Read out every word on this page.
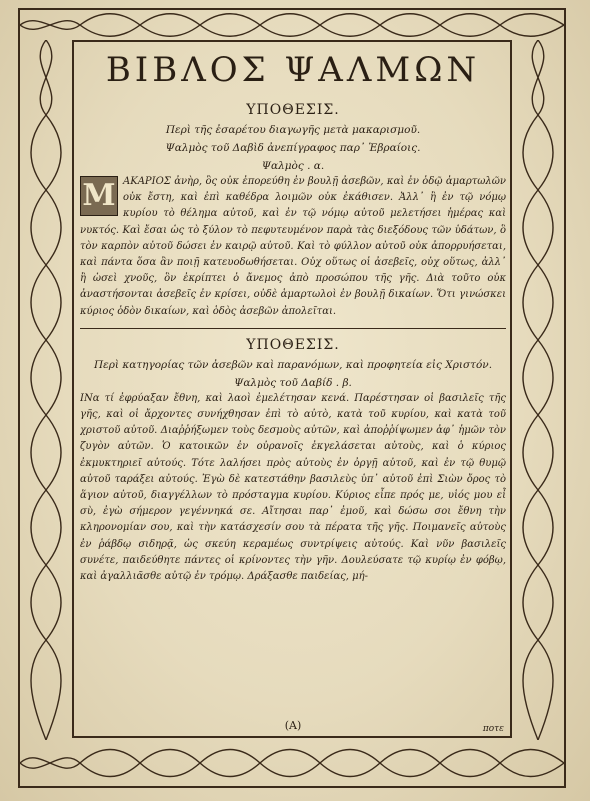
ΒΙΒΛΟΣ ΨΑΛΜΩΝ
ΥΠΟΘΕΣΙΣ.
Περὶ τῆς ἐσαρέτου διαγωγῆς μετὰ μακαρισμοῦ.
Ψαλμὸς τοῦ Δαβὶδ ἀνεπίγραφος παρ᾽ Ἑβραίοις.
Ψαλμὸς . α.
Μ ΑΚΑΡΙΟΣ ἀνὴρ, ὃς οὐκ ἐπορεύθη ἐν βουλῇ ἀσεβῶν, καὶ ἐν ὁδῷ ἁμαρτωλῶν οὐκ ἔστη, καὶ ἐπὶ καθέδρα λοιμῶν οὐκ ἐκάθισεν. Ἀλλ᾽ ἢ ἐν τῷ νόμῳ κυρίου τὸ θέλημα αὐτοῦ, καὶ ἐν τῷ νόμῳ αὐτοῦ μελετήσει ἡμέρας καὶ νυκτός. Καὶ ἔσαι ὡς τὸ ξύλον τὸ πεφυτευμένον παρὰ τὰς διεξόδους τῶν ὑδάτων, ὃ τὸν καρπὸν αὐτοῦ δώσει ἐν καιρῷ αὐτοῦ. Καὶ τὸ φύλλον αὐτοῦ οὐκ ἀπορρυήσεται, καὶ πάντα ὅσα ἂν ποιῇ κατευοδωθήσεται. Οὐχ οὕτως οἱ ἀσεβεῖς, οὐχ οὕτως, ἀλλ᾽ ἢ ὡσεὶ χνοῦς, ὃν ἐκρίπτει ὁ ἄνεμος ἀπὸ προσώπου τῆς γῆς. Διὰ τοῦτο οὐκ ἀναστήσονται ἀσεβεῖς ἐν κρίσει, οὐδὲ ἁμαρτωλοὶ ἐν βουλῇ δικαίων. Ὅτι γινώσκει κύριος ὁδὸν δικαίων, καὶ ὁδὸς ἀσεβῶν ἀπολεῖται.
ΥΠΟΘΕΣΙΣ.
Περὶ κατηγορίας τῶν ἀσεβῶν καὶ παρανόμων, καὶ προφητεία εἰς Χριστόν.
Ψαλμὸς τοῦ Δαβίδ . β.
ΙΝα τί ἐφρύαξαν ἔθνη, καὶ λαοὶ ἐμελέτησαν κενά. Παρέστησαν οἱ βασιλεῖς τῆς γῆς, καὶ οἱ ἄρχοντες συνήχθησαν ἐπὶ τὸ αὐτὸ, κατὰ τοῦ κυρίου, καὶ κατὰ τοῦ χριστοῦ αὐτοῦ. Διαῤῥήξωμεν τοὺς δεσμοὺς αὐτῶν, καὶ ἀποῤῥίψωμεν ἀφ᾽ ἡμῶν τὸν ζυγὸν αὐτῶν. Ὁ κατοικῶν ἐν οὐρανοῖς ἐκγελάσεται αὐτοὺς, καὶ ὁ κύριος ἐκμυκτηριεῖ αὐτούς. Τότε λαλήσει πρὸς αὐτοὺς ἐν ὀργῇ αὐτοῦ, καὶ ἐν τῷ θυμῷ αὐτοῦ ταράξει αὐτούς. Ἐγὼ δὲ κατεστάθην βασιλεὺς ὑπ᾽ αὐτοῦ ἐπὶ Σιὼν ὄρος τὸ ἅγιον αὐτοῦ, διαγγέλλων τὸ πρόσταγμα κυρίου. Κύριος εἶπε πρός με, υἱός μου εἶ σὺ, ἐγὼ σήμερον γεγέννηκά σε. Αἴτησαι παρ᾽ ἐμοῦ, καὶ δώσω σοι ἔθνη τὴν κληρονομίαν σου, καὶ τὴν κατάσχεσίν σου τὰ πέρατα τῆς γῆς. Ποιμανεῖς αὐτοὺς ἐν ῥάβδῳ σιδηρᾷ, ὡς σκεύη κεραμέως συντρίψεις αὐτούς. Καὶ νῦν βασιλεῖς συνέτε, παιδεύθητε πάντες οἱ κρίνοντες τὴν γῆν. Δουλεύσατε τῷ κυρίῳ ἐν φόβῳ, καὶ ἀγαλλιᾶσθε αὐτῷ ἐν τρόμῳ. Δράξασθε παιδείας, μή-
(A)	ποτε
